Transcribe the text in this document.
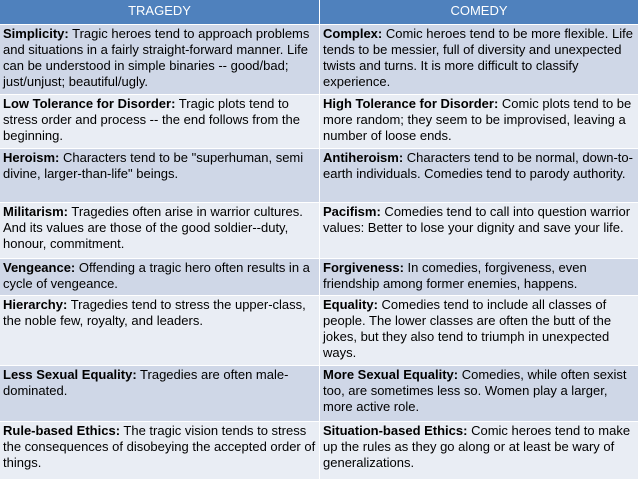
TRAGEDY	COMEDY
Simplicity: Tragic heroes tend to approach problems and situations in a fairly straight-forward manner. Life can be understood in simple binaries -- good/bad; just/unjust; beautiful/ugly.
Complex: Comic heroes tend to be more flexible. Life tends to be messier, full of diversity and unexpected twists and turns. It is more difficult to classify experience.
Low Tolerance for Disorder: Tragic plots tend to stress order and process -- the end follows from the beginning.
High Tolerance for Disorder: Comic plots tend to be more random; they seem to be improvised, leaving a number of loose ends.
Heroism: Characters tend to be "superhuman, semi divine, larger-than-life" beings.
Antiheroism: Characters tend to be normal, down-to-earth individuals. Comedies tend to parody authority.
Militarism: Tragedies often arise in warrior cultures. And its values are those of the good soldier--duty, honour, commitment.
Pacifism: Comedies tend to call into question warrior values: Better to lose your dignity and save your life.
Vengeance: Offending a tragic hero often results in a cycle of vengeance.
Forgiveness: In comedies, forgiveness, even friendship among former enemies, happens.
Hierarchy: Tragedies tend to stress the upper-class, the noble few, royalty, and leaders.
Equality: Comedies tend to include all classes of people. The lower classes are often the butt of the jokes, but they also tend to triumph in unexpected ways.
Less Sexual Equality: Tragedies are often male-dominated.
More Sexual Equality: Comedies, while often sexist too, are sometimes less so. Women play a larger, more active role.
Rule-based Ethics: The tragic vision tends to stress the consequences of disobeying the accepted order of things.
Situation-based Ethics: Comic heroes tend to make up the rules as they go along or at least be wary of generalizations.
